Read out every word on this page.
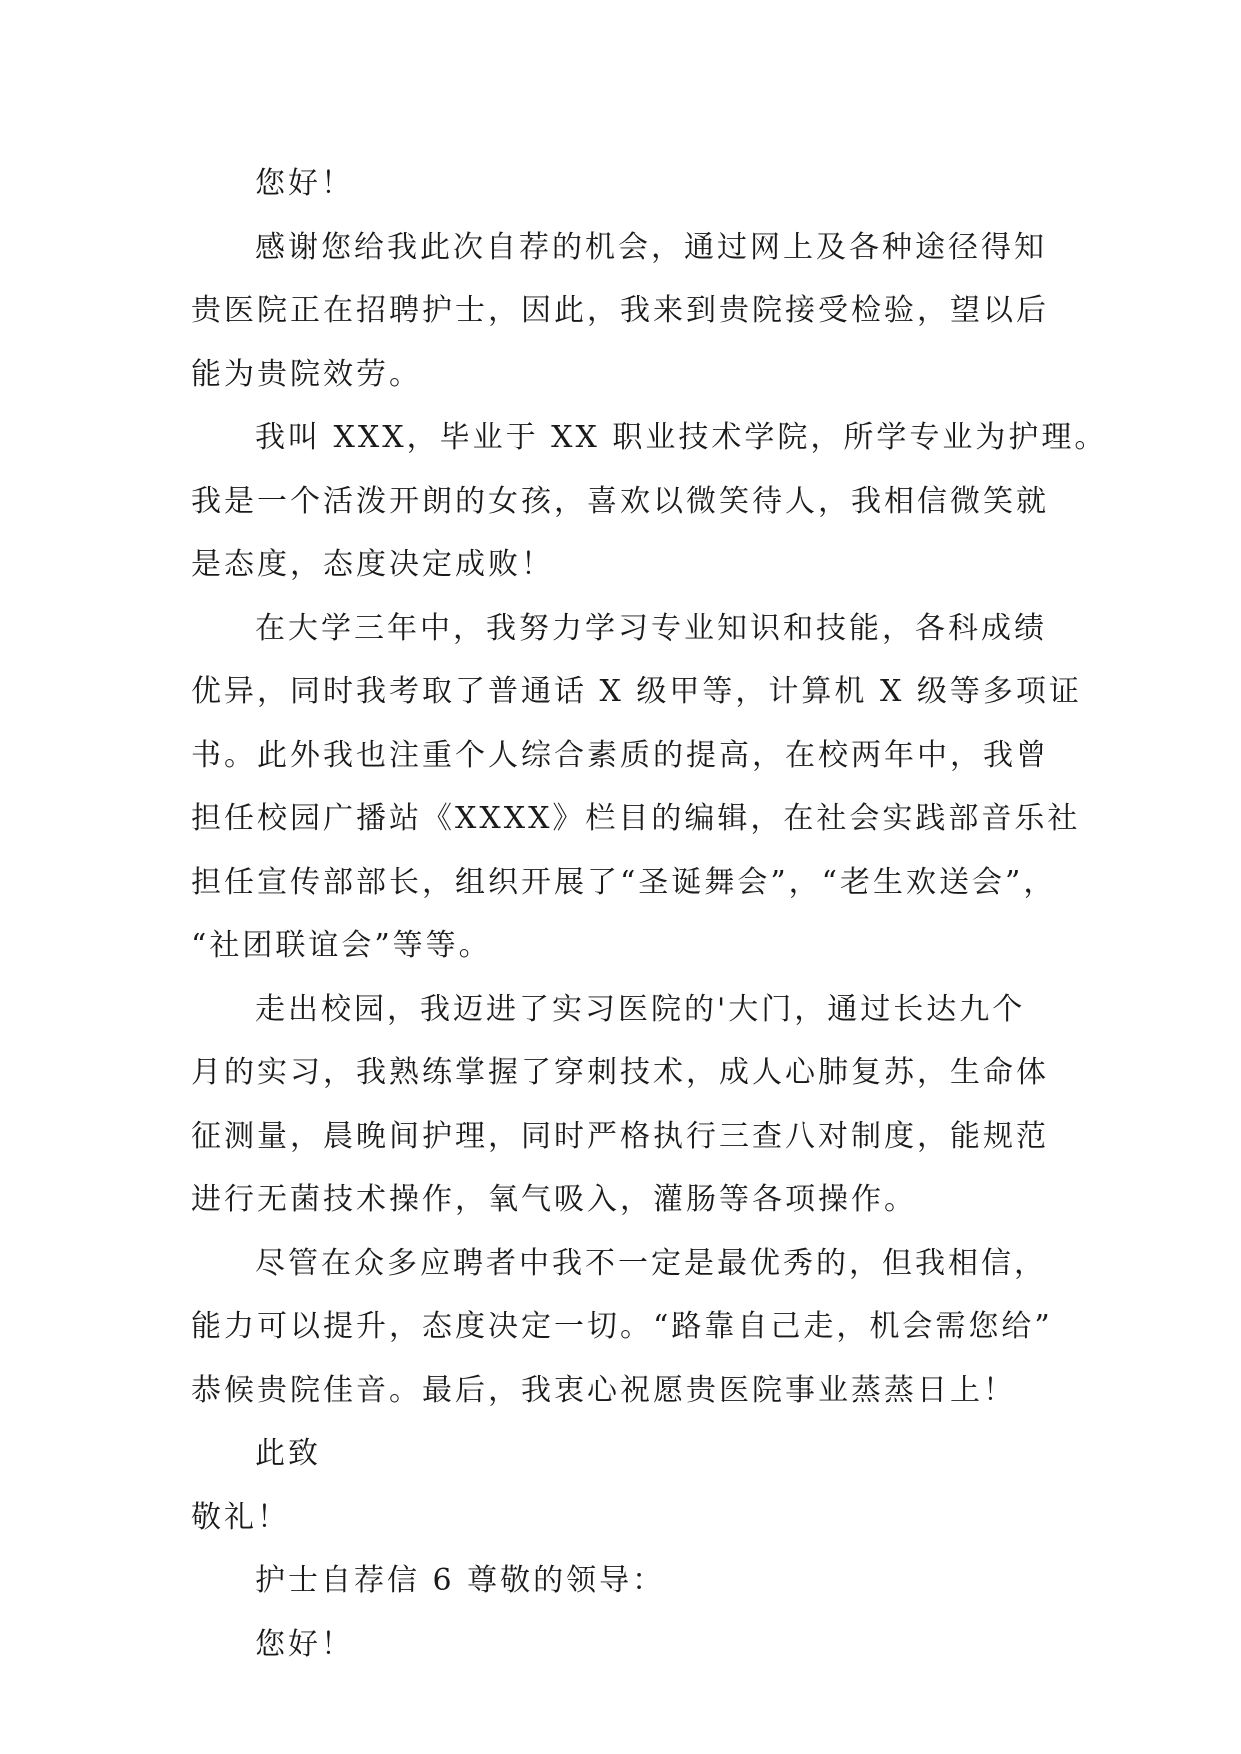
您好！
感谢您给我此次自荐的机会，通过网上及各种途径得知
贵医院正在招聘护士，因此，我来到贵院接受检验，望以后
能为贵院效劳。
我叫 XXX，毕业于 XX 职业技术学院，所学专业为护理。
我是一个活泼开朗的女孩，喜欢以微笑待人，我相信微笑就
是态度，态度决定成败！
在大学三年中，我努力学习专业知识和技能，各科成绩
优异，同时我考取了普通话 X 级甲等，计算机 X 级等多项证
书。此外我也注重个人综合素质的提高，在校两年中，我曾
担任校园广播站《XXXX》栏目的编辑，在社会实践部音乐社
担任宣传部部长，组织开展了“圣诞舞会”，“老生欢送会”，
“社团联谊会”等等。
走出校园，我迈进了实习医院的'大门，通过长达九个
月的实习，我熟练掌握了穿刺技术，成人心肺复苏，生命体
征测量，晨晚间护理，同时严格执行三查八对制度，能规范
进行无菌技术操作，氧气吸入，灌肠等各项操作。
尽管在众多应聘者中我不一定是最优秀的，但我相信，
能力可以提升，态度决定一切。“路靠自己走，机会需您给”
恭候贵院佳音。最后，我衷心祝愿贵医院事业蒸蒸日上！
此致
敬礼！
护士自荐信 6 尊敬的领导：
您好！
